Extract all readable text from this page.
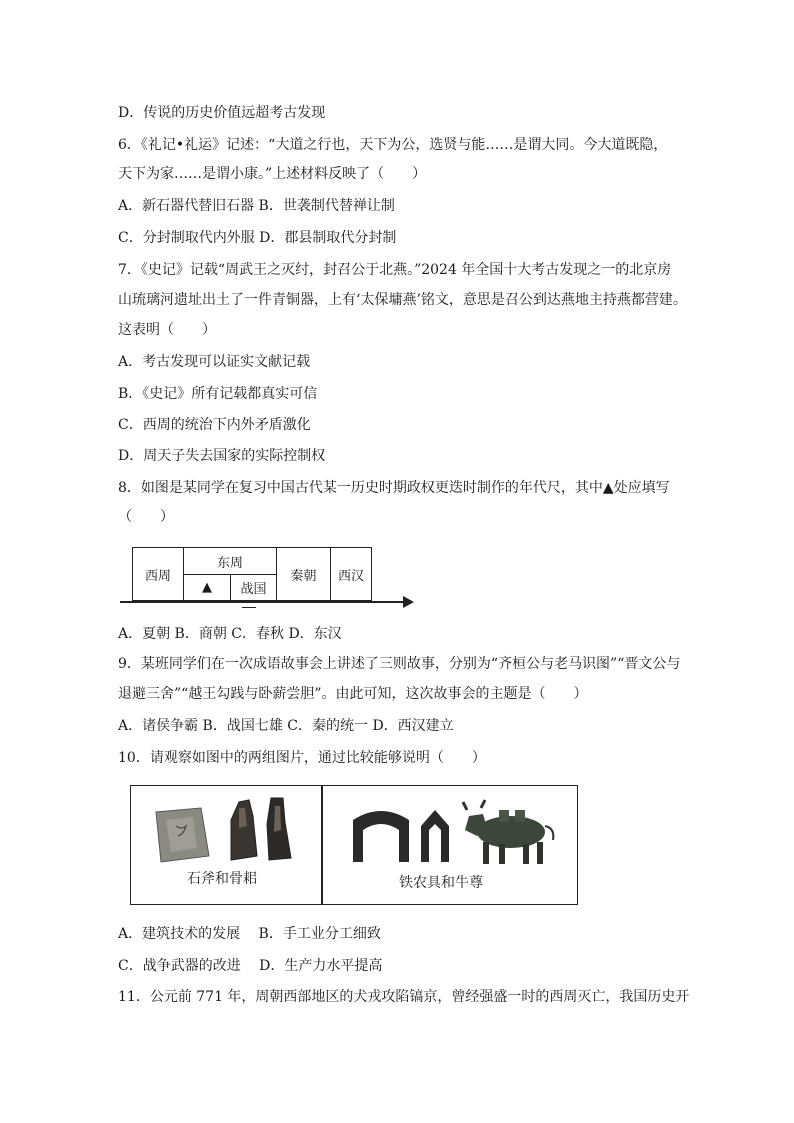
D．传说的历史价值远超考古发现
6．《礼记•礼运》记述：“大道之行也，天下为公，选贤与能……是谓大同。今大道既隐，
天下为家……是谓小康。”上述材料反映了（　　）
A．新石器代替旧石器 B．世袭制代替禅让制
C．分封制取代内外服 D．郡县制取代分封制
7．《史记》记载“周武王之灭纣，封召公于北燕。”2024 年全国十大考古发现之一的北京房
山琉璃河遗址出土了一件青铜器，上有‘太保墉燕’铭文，意思是召公到达燕地主持燕都营建。
这表明（　　）
A．考古发现可以证实文献记载
B．《史记》所有记载都真实可信
C．西周的统治下内外矛盾激化
D．周天子失去国家的实际控制权
8．如图是某同学在复习中国古代某一历史时期政权更迭时制作的年代尺，其中▲处应填写
（　　）
西周
东周
▲	战国
秦朝	西汉
A．夏朝 B．商朝 C．春秋 D．东汉
9．某班同学们在一次成语故事会上讲述了三则故事，分别为“齐桓公与老马识图”“晋文公与
退避三舍”“越王勾践与卧薪尝胆”。由此可知，这次故事会的主题是（　　）
A．诸侯争霸 B．战国七雄 C．秦的统一 D．西汉建立
10．请观察如图中的两组图片，通过比较能够说明（　　）
石斧和骨耜	铁农具和牛尊
A．建筑技术的发展　 B．手工业分工细致
C．战争武器的改进　 D．生产力水平提高
11．公元前 771 年，周朝西部地区的犬戎攻陷镐京，曾经强盛一时的西周灭亡，我国历史开
